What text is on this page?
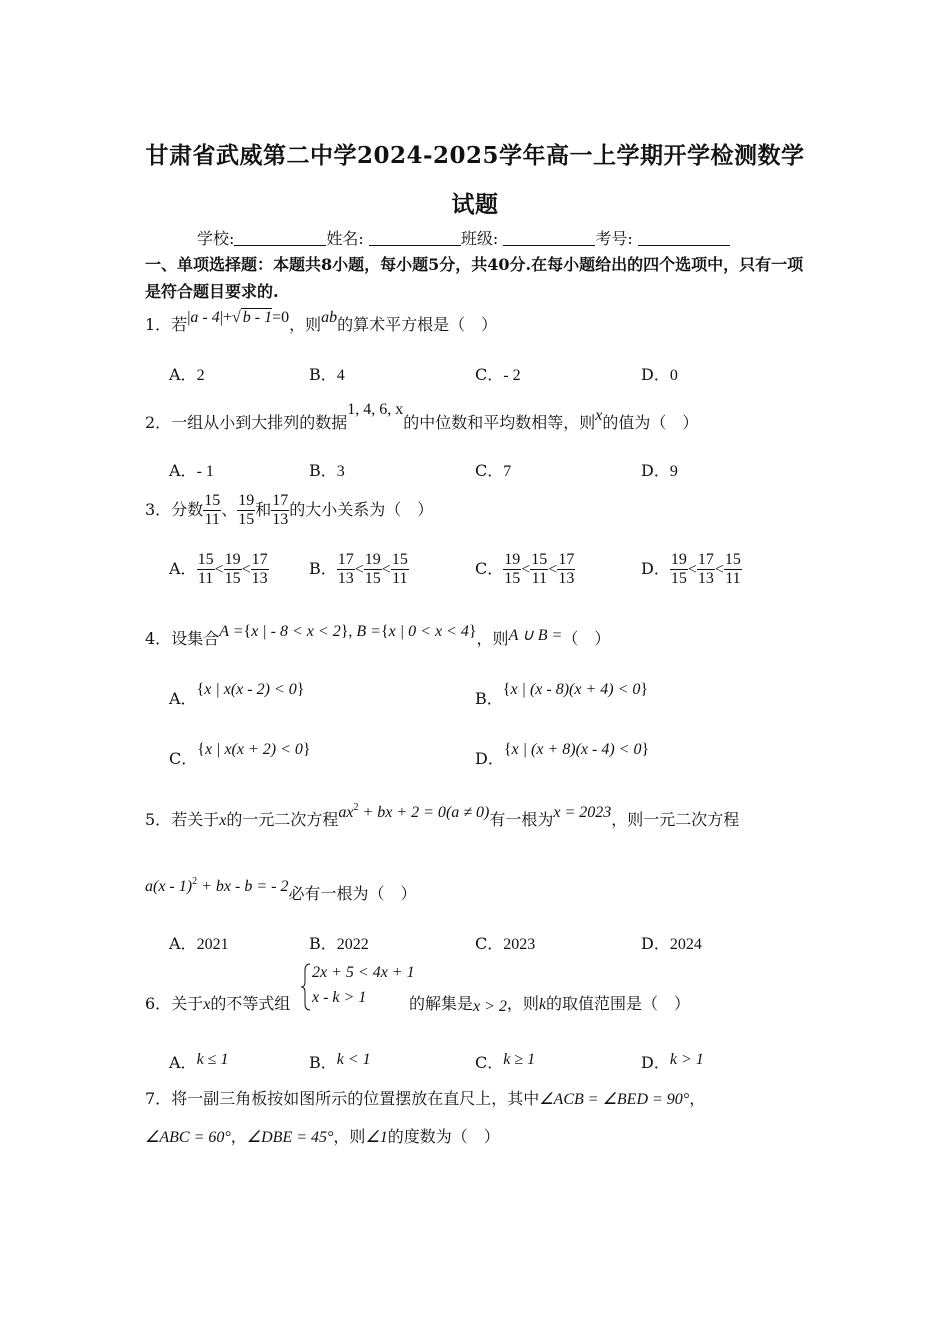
甘肃省武威第二中学2024-2025学年高一上学期开学检测数学
试题
学校:	姓名:	班级:	考号:
一、单项选择题：本题共8小题，每小题5分，共40分.在每小题给出的四个选项中，只有一项是符合题目要求的.
1．若|a - 4|+√ b - 1=0，则ab的算术平方根是（　）
A．2	B．4	C．- 2	D．0
2．一组从小到大排列的数据1, 4, 6, x的中位数和平均数相等，则x的值为（　）
A．- 1	B．3	C．7	D．9
3．分数 $\frac{15}{11}$ 、 $\frac{19}{15}$ 和 $\frac{17}{13}$ 的大小关系为（　）
A． $\frac{15}{11} < \frac{19}{15} < \frac{17}{13}$	B． $\frac{17}{13} < \frac{19}{15} < \frac{15}{11}$	C． $\frac{19}{15} < \frac{15}{11} < \frac{17}{13}$	D． $\frac{19}{15} < \frac{17}{13} < \frac{15}{11}$
4．设集合A ={x | - 8 < x < 2}, B ={x | 0 < x < 4}，则A ∪ B =（　）
A．{x | x(x - 2) < 0}	B．{x | (x - 8)(x + 4) < 0}
C．{x | x(x + 2) < 0}	D．{x | (x + 8)(x - 4) < 0}
5．若关于x的一元二次方程$ax^2$ + bx + 2 = 0(a ≠ 0)有一根为x = 2023，则一元二次方程
a(x - 1)$^2$ + bx - b = - 2必有一根为（　）
A．2021	B．2022	C．2023	D．2024
6．关于x的不等式组
2x + 5 < 4x + 1
x - k > 1	的解集是x > 2，则k的取值范围是（　）
A．k ≤ 1	B．k < 1	C．k ≥ 1	D．k > 1
7．将一副三角板按如图所示的位置摆放在直尺上，其中∠ACB = ∠BED = 90°，
∠ABC = 60°，∠DBE = 45°，则∠1的度数为（　）
